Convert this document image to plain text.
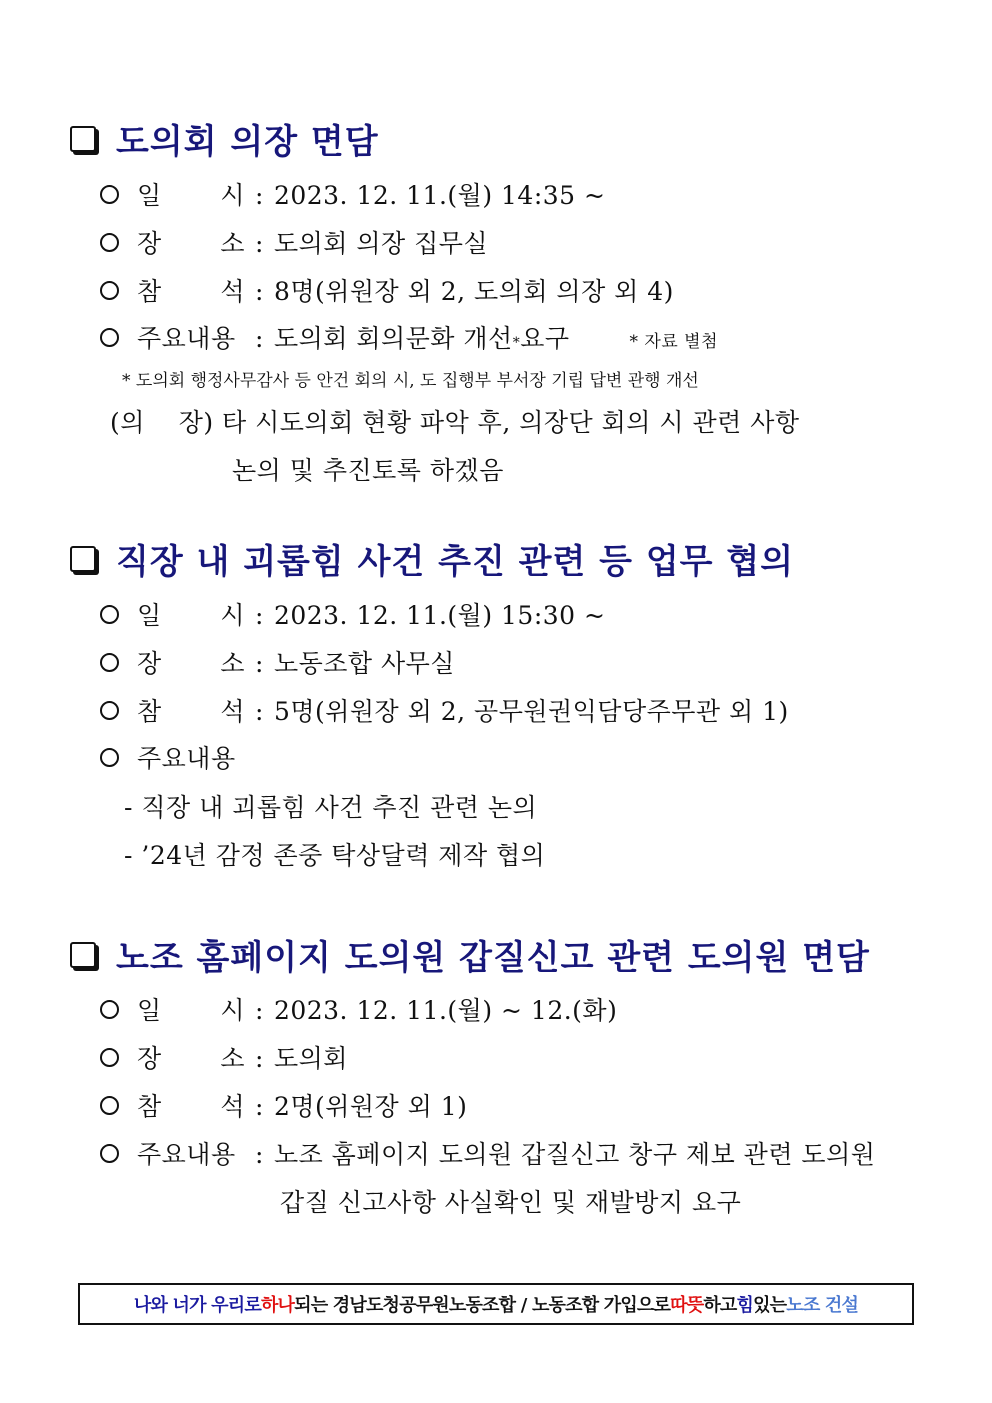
도의회 의장 면담
일 시 : 2023. 12. 11.(월) 14:35 ~
장 소 : 도의회 의장 집무실
참 석 : 8명(위원장 외 2, 도의회 의장 외 4)
주요내용 : 도의회 회의문화 개선 * 요구	* 자료 별첨
* 도의회 행정사무감사 등 안건 회의 시, 도 집행부 부서장 기립 답변 관행 개선
(의    장) 타 시도의회 현황 파악 후, 의장단 회의 시 관련 사항
논의 및 추진토록 하겠음
직장 내 괴롭힘 사건 추진 관련 등 업무 협의
일 시 : 2023. 12. 11.(월) 15:30 ~
장 소 : 노동조합 사무실
참 석 : 5명(위원장 외 2, 공무원권익담당주무관 외 1)
주요내용
- 직장 내 괴롭힘 사건 추진 관련 논의
- ’24년 감정 존중 탁상달력 제작 협의
노조 홈페이지 도의원 갑질신고 관련 도의원 면담
일 시 : 2023. 12. 11.(월) ~ 12.(화)
장 소 : 도의회
참 석 : 2명(위원장 외 1)
주요내용 : 노조 홈페이지 도의원 갑질신고 창구 제보 관련 도의원
갑질 신고사항 사실확인 및 재발방지 요구
나와 너가 우리로 하나 되는 경남도청공무원노동조합 / 노동조합 가입으로 따뜻 하고 힘 있는 노조 건설
